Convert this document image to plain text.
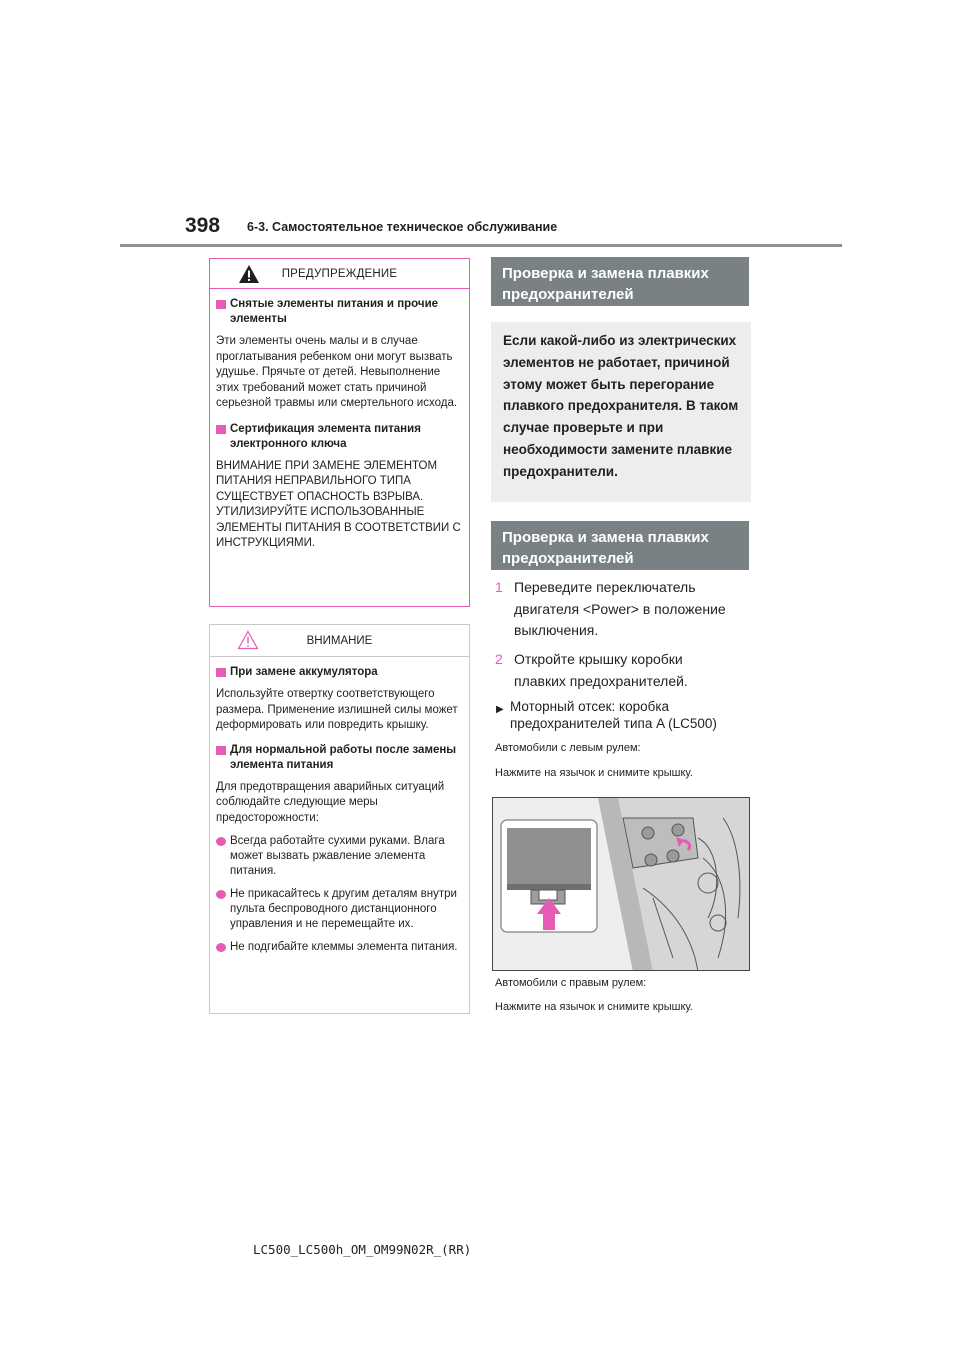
398 6-3. Самостоятельное техническое обслуживание
ПРЕДУПРЕЖДЕНИЕ
Снятые элементы питания и прочие элементы
Эти элементы очень малы и в случае проглатывания ребенком они могут вызвать удушье. Прячьте от детей. Невыполнение этих требований может стать причиной серьезной травмы или смертельного исхода.
Сертификация элемента питания электронного ключа
ВНИМАНИЕ ПРИ ЗАМЕНЕ ЭЛЕМЕНТОМ ПИТАНИЯ НЕПРАВИЛЬНОГО ТИПА СУЩЕСТВУЕТ ОПАСНОСТЬ ВЗРЫВА. УТИЛИЗИРУЙТЕ ИСПОЛЬЗОВАННЫЕ ЭЛЕМЕНТЫ ПИТАНИЯ В СООТВЕТСТВИИ С ИНСТРУКЦИЯМИ.
ВНИМАНИЕ
При замене аккумулятора
Используйте отвертку соответствующего размера. Применение излишней силы может деформировать или повредить крышку.
Для нормальной работы после замены элемента питания
Для предотвращения аварийных ситуаций соблюдайте следующие меры предосторожности:
Всегда работайте сухими руками. Влага может вызвать ржавление элемента питания.
Не прикасайтесь к другим деталям внутри пульта беспроводного дистанционного управления и не перемещайте их.
Не подгибайте клеммы элемента питания.
Проверка и замена плавких предохранителей
Если какой-либо из электрических элементов не работает, причиной этому может быть перегорание плавкого предохранителя. В таком случае проверьте и при необходимости замените плавкие предохранители.
Проверка и замена плавких предохранителей
1 Переведите переключатель двигателя <Power> в положение выключения.
2 Откройте крышку коробки плавких предохранителей.
▶ Моторный отсек: коробка предохранителей типа A (LC500)
Автомобили с левым рулем:
Нажмите на язычок и снимите крышку.
Автомобили с правым рулем:
Нажмите на язычок и снимите крышку.
LC500_LC500h_OM_OM99N02R_(RR)
